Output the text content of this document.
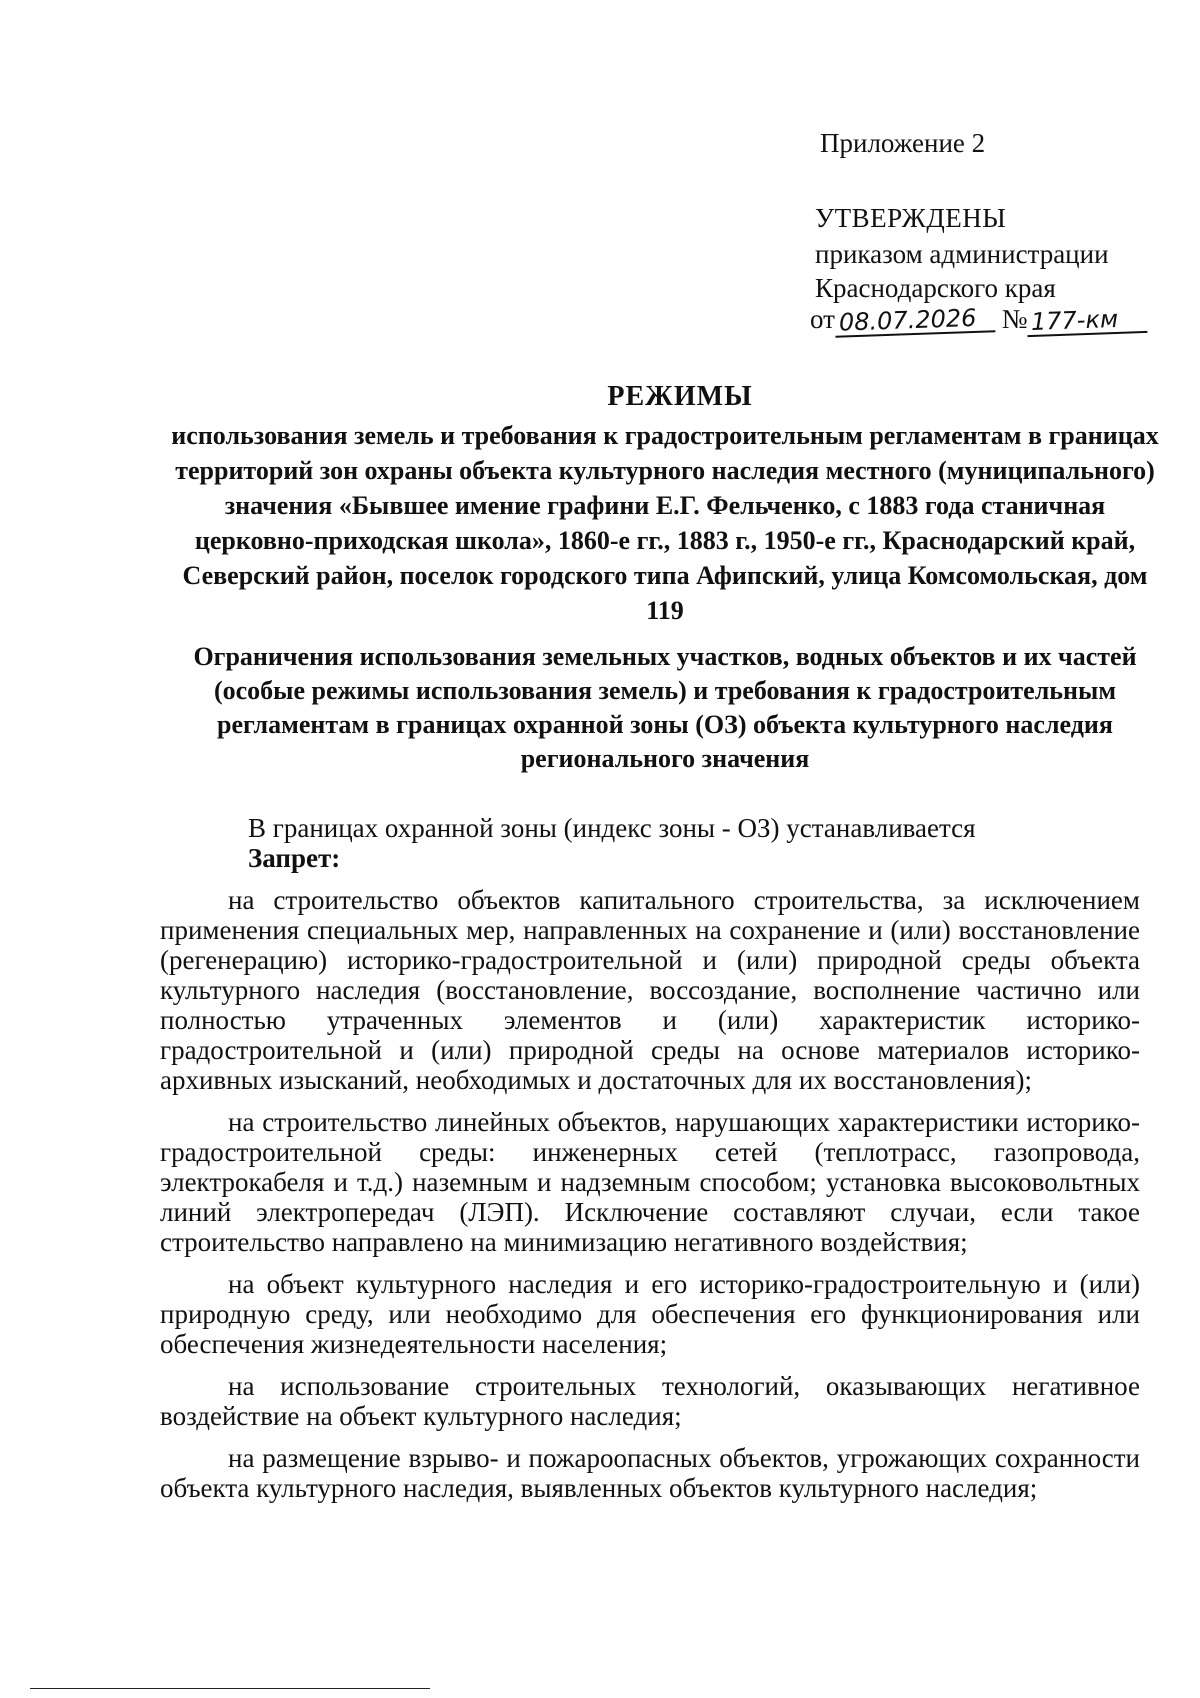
Приложение 2
УТВЕРЖДЕНЫ
приказом администрации
Краснодарского края
от 08.07.2026 № 177-км
РЕЖИМЫ

использования земель и требования к градостроительным регламентам в границах территорий зон охраны объекта культурного наследия местного (муниципального) значения «Бывшее имение графини Е.Г. Фельченко, с 1883 года станичная церковно-приходская школа», 1860-е гг., 1883 г., 1950-е гг., Краснодарский край, Северский район, поселок городского типа Афипский, улица Комсомольская, дом 119

Ограничения использования земельных участков, водных объектов и их частей (особые режимы использования земель) и требования к градостроительным регламентам в границах охранной зоны (ОЗ) объекта культурного наследия регионального значения

В границах охранной зоны (индекс зоны - ОЗ) устанавливается

Запрет:

на строительство объектов капитального строительства, за исключением применения специальных мер, направленных на сохранение и (или) восстановление (регенерацию) историко-градостроительной и (или) природной среды объекта культурного наследия (восстановление, воссоздание, восполнение частично или полностью утраченных элементов и (или) характеристик историко-градостроительной и (или) природной среды на основе материалов историко-архивных изысканий, необходимых и достаточных для их восстановления);

на строительство линейных объектов, нарушающих характеристики историко-градостроительной среды: инженерных сетей (теплотрасс, газопровода, электрокабеля и т.д.) наземным и надземным способом; установка высоковольтных линий электропередач (ЛЭП). Исключение составляют случаи, если такое строительство направлено на минимизацию негативного воздействия;

на объект культурного наследия и его историко-градостроительную и (или) природную среду, или необходимо для обеспечения его функционирования или обеспечения жизнедеятельности населения;

на использование строительных технологий, оказывающих негативное воздействие на объект культурного наследия;

на размещение взрыво- и пожароопасных объектов, угрожающих сохранности объекта культурного наследия, выявленных объектов культурного наследия;
